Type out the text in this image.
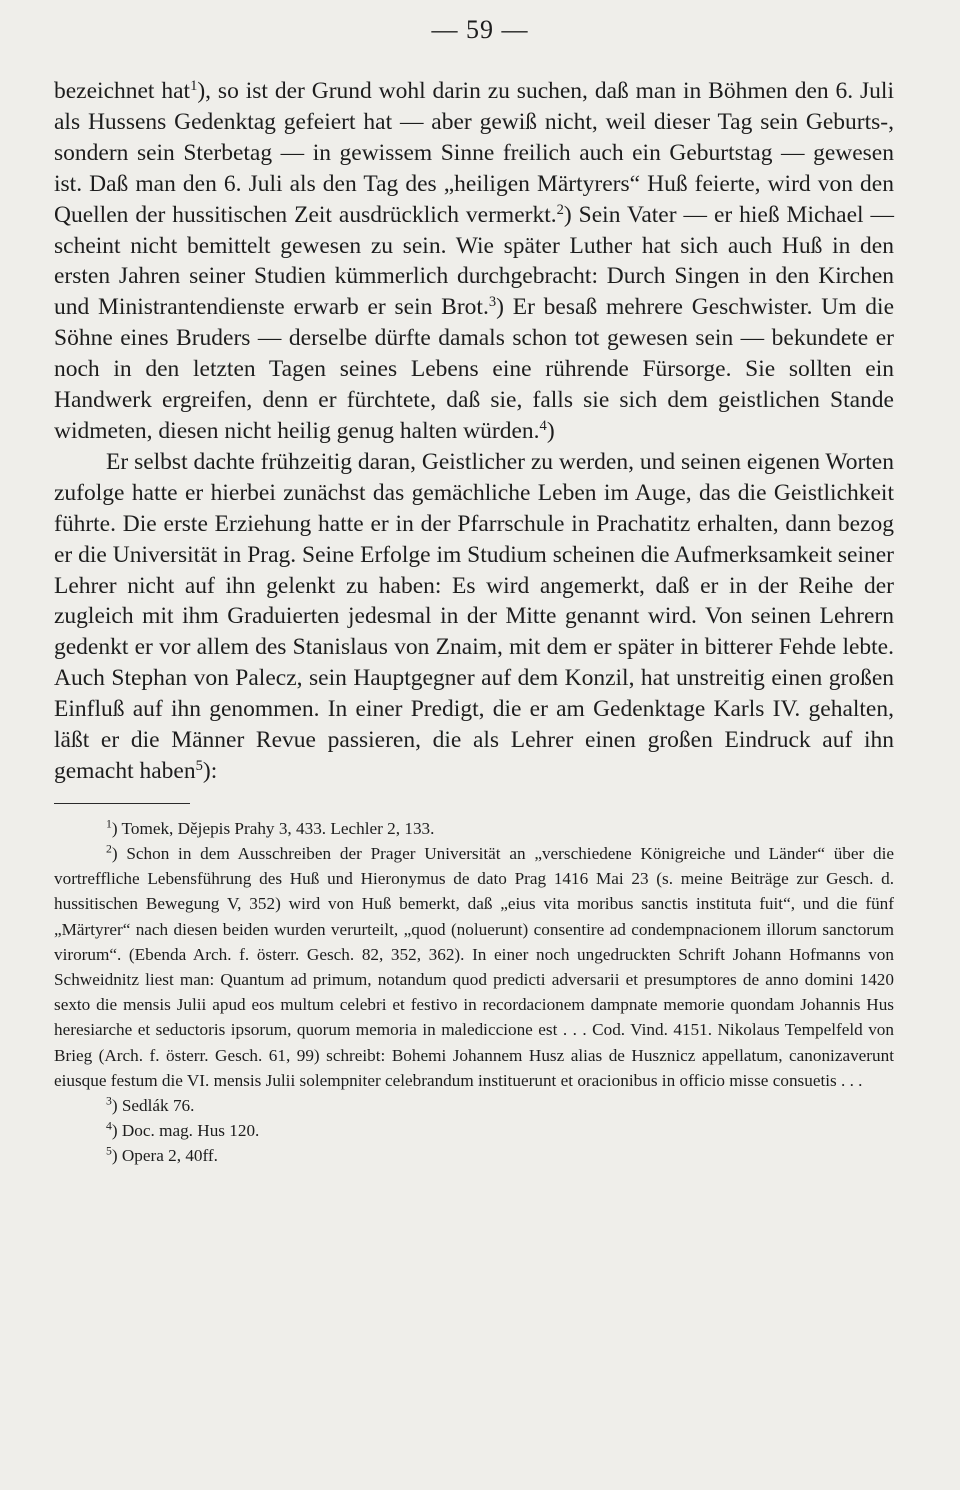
— 59 —

bezeichnet hat$^1$), so ist der Grund wohl darin zu suchen, daß man in Böhmen den 6. Juli als Hussens Gedenktag gefeiert hat — aber gewiß nicht, weil dieser Tag sein Geburts-, sondern sein Sterbetag — in gewissem Sinne freilich auch ein Geburtstag — gewesen ist. Daß man den 6. Juli als den Tag des „heiligen Märtyrers“ Huß feierte, wird von den Quellen der hussitischen Zeit ausdrücklich vermerkt.$^2$) Sein Vater — er hieß Michael — scheint nicht bemittelt gewesen zu sein. Wie später Luther hat sich auch Huß in den ersten Jahren seiner Studien kümmerlich durchgebracht: Durch Singen in den Kirchen und Ministrantendienste erwarb er sein Brot.$^3$) Er besaß mehrere Geschwister. Um die Söhne eines Bruders — derselbe dürfte damals schon tot gewesen sein — bekundete er noch in den letzten Tagen seines Lebens eine rührende Fürsorge. Sie sollten ein Handwerk ergreifen, denn er fürchtete, daß sie, falls sie sich dem geistlichen Stande widmeten, diesen nicht heilig genug halten würden.$^4$)

Er selbst dachte frühzeitig daran, Geistlicher zu werden, und seinen eigenen Worten zufolge hatte er hierbei zunächst das gemächliche Leben im Auge, das die Geistlichkeit führte. Die erste Erziehung hatte er in der Pfarrschule in Prachatitz erhalten, dann bezog er die Universität in Prag. Seine Erfolge im Studium scheinen die Aufmerksamkeit seiner Lehrer nicht auf ihn gelenkt zu haben: Es wird angemerkt, daß er in der Reihe der zugleich mit ihm Graduierten jedesmal in der Mitte genannt wird. Von seinen Lehrern gedenkt er vor allem des Stanislaus von Znaim, mit dem er später in bitterer Fehde lebte. Auch Stephan von Palecz, sein Hauptgegner auf dem Konzil, hat unstreitig einen großen Einfluß auf ihn genommen. In einer Predigt, die er am Gedenktage Karls IV. gehalten, läßt er die Männer Revue passieren, die als Lehrer einen großen Eindruck auf ihn gemacht haben$^5$):

$^1$) Tomek, Dějepis Prahy 3, 433. Lechler 2, 133.

$^2$) Schon in dem Ausschreiben der Prager Universität an „verschiedene Königreiche und Länder“ über die vortreffliche Lebensführung des Huß und Hieronymus de dato Prag 1416 Mai 23 (s. meine Beiträge zur Gesch. d. hussitischen Bewegung V, 352) wird von Huß bemerkt, daß „eius vita moribus sanctis instituta fuit“, und die fünf „Märtyrer“ nach diesen beiden wurden verurteilt, „quod (noluerunt) consentire ad condempnacionem illorum sanctorum virorum“. (Ebenda Arch. f. österr. Gesch. 82, 352, 362). In einer noch ungedruckten Schrift Johann Hofmanns von Schweidnitz liest man: Quantum ad primum, notandum quod predicti adversarii et presumptores de anno domini 1420 sexto die mensis Julii apud eos multum celebri et festivo in recordacionem dampnate memorie quondam Johannis Hus heresiarche et seductoris ipsorum, quorum memoria in malediccione est . . . Cod. Vind. 4151. Nikolaus Tempelfeld von Brieg (Arch. f. österr. Gesch. 61, 99) schreibt: Bohemi Johannem Husz alias de Husznicz appellatum, canonizaverunt eiusque festum die VI. mensis Julii solempniter celebrandum instituerunt et oracionibus in officio misse consuetis . . .

$^3$) Sedlák 76.

$^4$) Doc. mag. Hus 120.

$^5$) Opera 2, 40ff.
